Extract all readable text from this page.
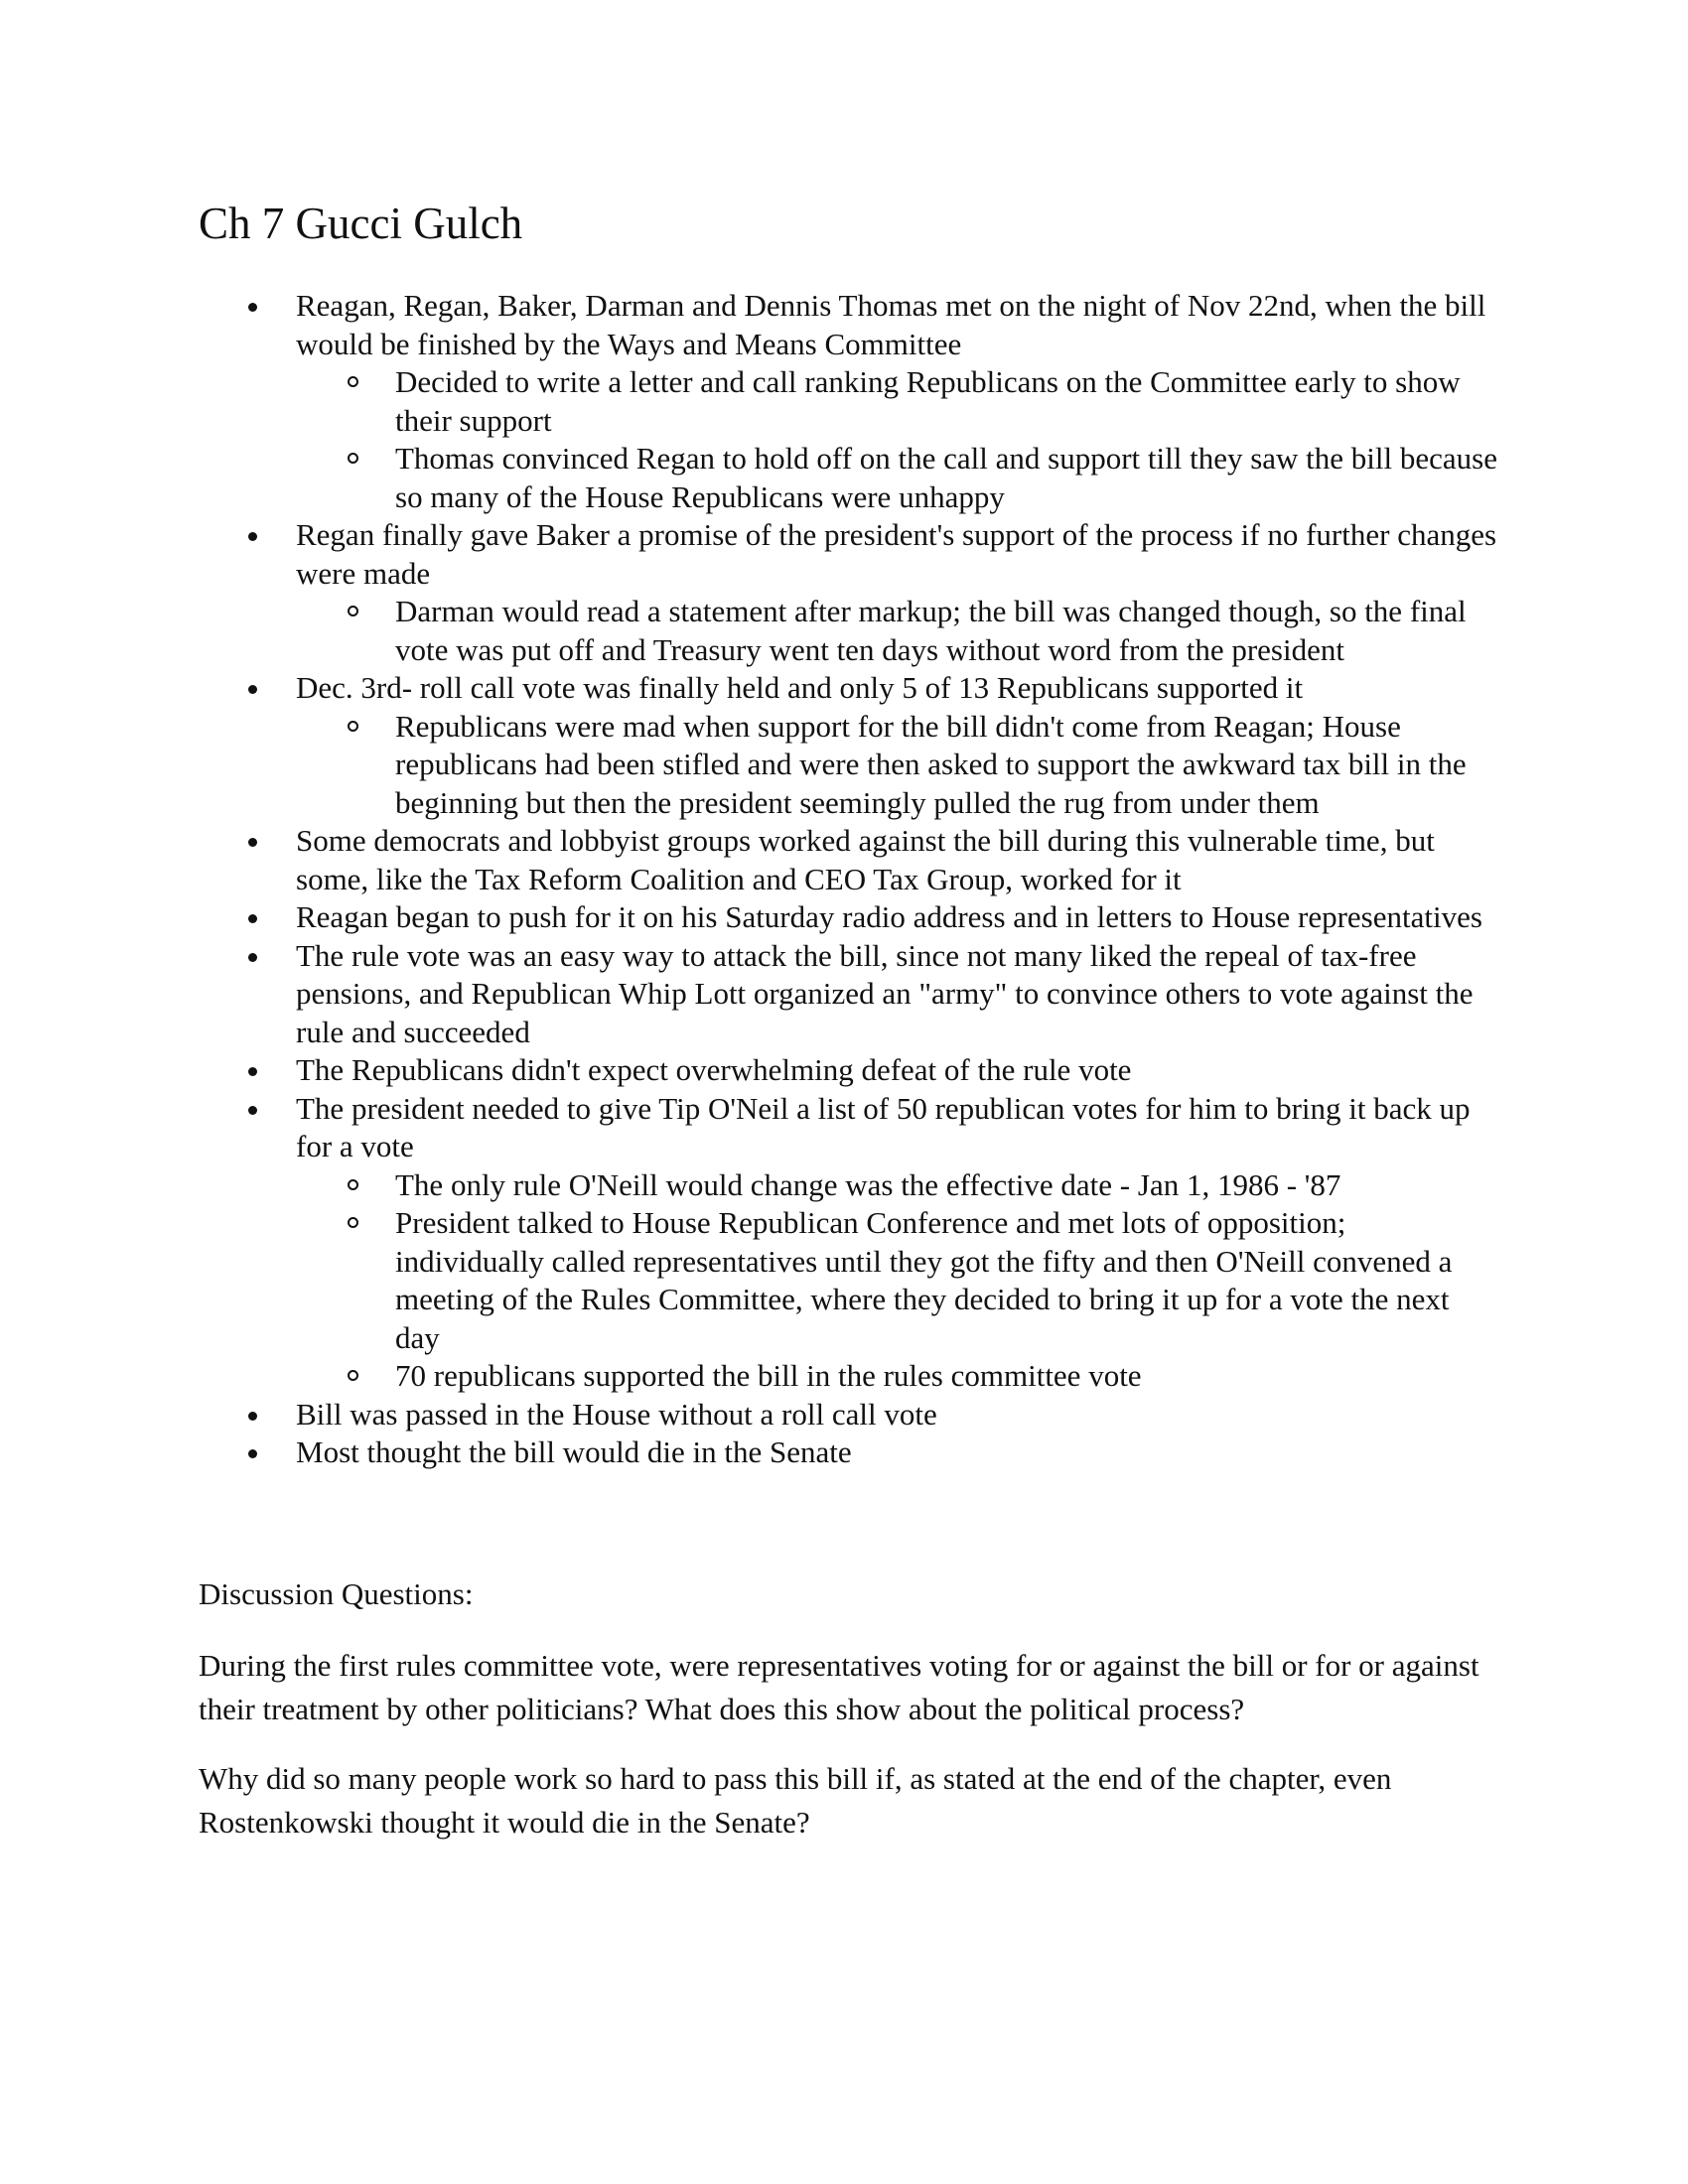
Ch 7 Gucci Gulch
Reagan, Regan, Baker, Darman and Dennis Thomas met on the night of Nov 22nd, when the bill would be finished by the Ways and Means Committee
Decided to write a letter and call ranking Republicans on the Committee early to show their support
Thomas convinced Regan to hold off on the call and support till they saw the bill because so many of the House Republicans were unhappy
Regan finally gave Baker a promise of the president's support of the process if no further changes were made
Darman would read a statement after markup; the bill was changed though, so the final vote was put off and Treasury went ten days without word from the president
Dec. 3rd- roll call vote was finally held and only 5 of 13 Republicans supported it
Republicans were mad when support for the bill didn't come from Reagan; House republicans had been stifled and were then asked to support the awkward tax bill in the beginning but then the president seemingly pulled the rug from under them
Some democrats and lobbyist groups worked against the bill during this vulnerable time, but some, like the Tax Reform Coalition and CEO Tax Group, worked for it
Reagan began to push for it on his Saturday radio address and in letters to House representatives
The rule vote was an easy way to attack the bill, since not many liked the repeal of tax-free pensions, and Republican Whip Lott organized an "army" to convince others to vote against the rule and succeeded
The Republicans didn't expect overwhelming defeat of the rule vote
The president needed to give Tip O'Neil a list of 50 republican votes for him to bring it back up for a vote
The only rule O'Neill would change was the effective date - Jan 1, 1986 - '87
President talked to House Republican Conference and met lots of opposition; individually called representatives until they got the fifty and then O'Neill convened a meeting of the Rules Committee, where they decided to bring it up for a vote the next day
70 republicans supported the bill in the rules committee vote
Bill was passed in the House without a roll call vote
Most thought the bill would die in the Senate

Discussion Questions:

During the first rules committee vote, were representatives voting for or against the bill or for or against their treatment by other politicians? What does this show about the political process?

Why did so many people work so hard to pass this bill if, as stated at the end of the chapter, even Rostenkowski thought it would die in the Senate?
